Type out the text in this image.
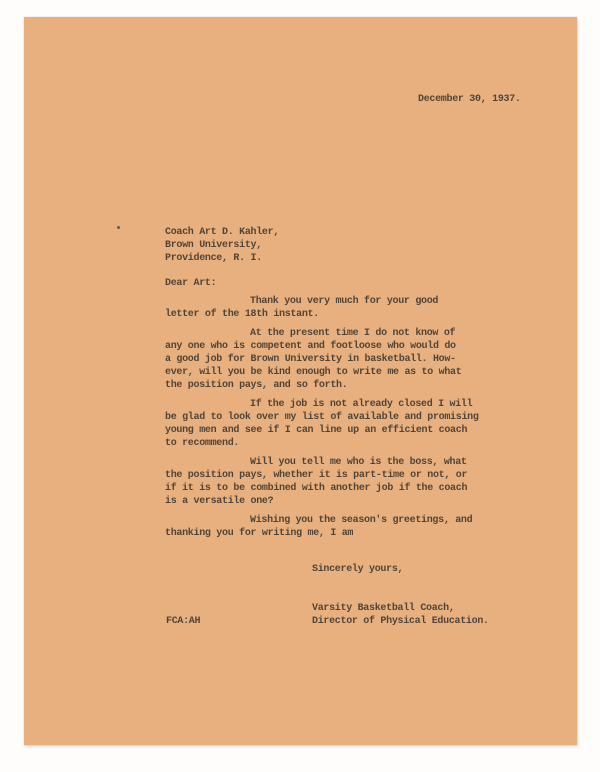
December 30, 1937.

Coach Art D. Kahler,

Brown University,

Providence, R. I.

Dear Art:

Thank you very much for your good

letter of the 18th instant.

At the present time I do not know of

any one who is competent and footloose who would do

a good job for Brown University in basketball. How-

ever, will you be kind enough to write me as to what

the position pays, and so forth.

If the job is not already closed I will

be glad to look over my list of available and promising

young men and see if I can line up an efficient coach

to recommend.

Will you tell me who is the boss, what

the position pays, whether it is part-time or not, or

if it is to be combined with another job if the coach

is a versatile one?

Wishing you the season's greetings, and

thanking you for writing me, I am

Sincerely yours,

Varsity Basketball Coach,

Director of Physical Education.

FCA:AH
